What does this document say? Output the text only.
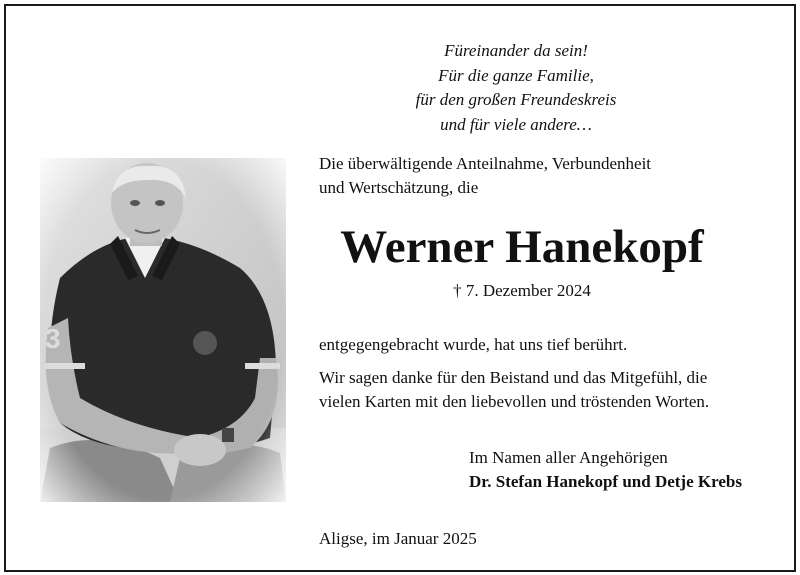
Füreinander da sein!
Für die ganze Familie,
für den großen Freundeskreis
und für viele andere…
Die überwältigende Anteilnahme, Verbundenheit
und Wertschätzung, die
Werner Hanekopf
† 7. Dezember 2024
entgegengebracht wurde, hat uns tief berührt.
Wir sagen danke für den Beistand und das Mitgefühl, die
vielen Karten mit den liebevollen und tröstenden Worten.
Im Namen aller Angehörigen
Dr. Stefan Hanekopf und Detje Krebs
Aligse, im Januar 2025
